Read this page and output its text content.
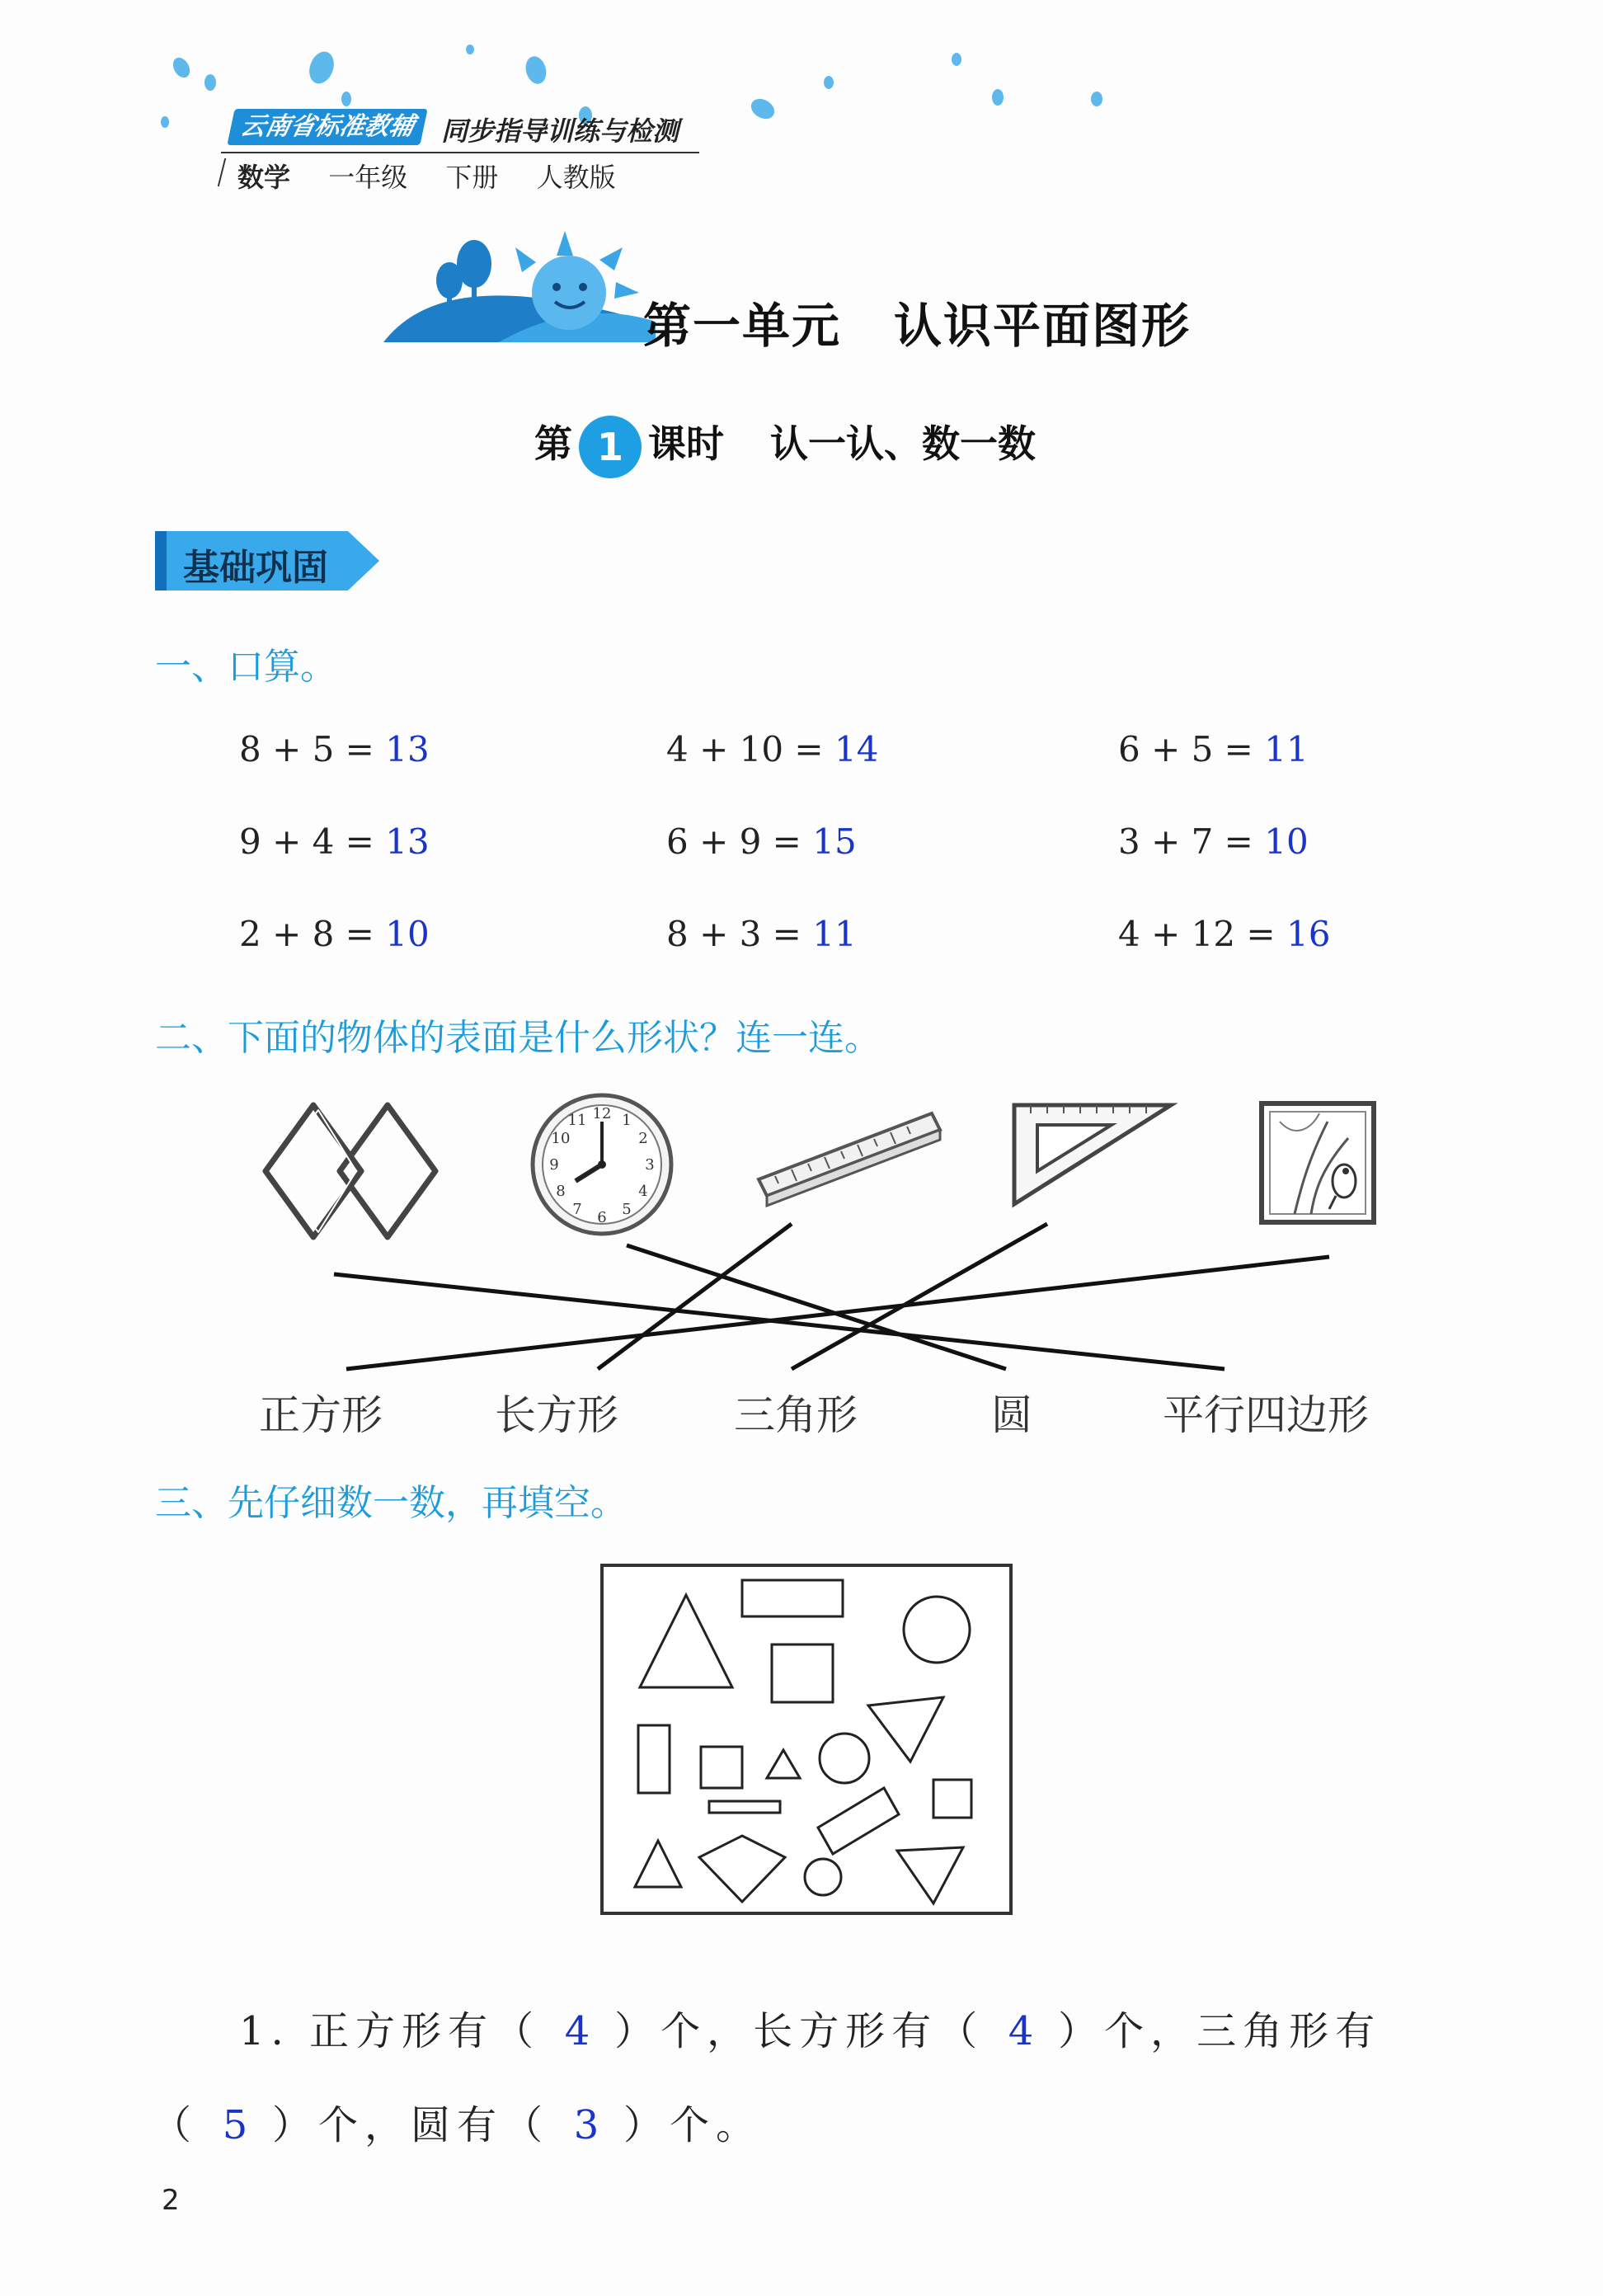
云南省标准教辅 同步指导训练与检测
数学 一年级 下册 人教版
第一单元 认识平面图形
第 1 课时 认一认、数一数
基础巩固
一、口算。
8 + 5 = 13	4 + 10 = 14	6 + 5 = 11
9 + 4 = 13	6 + 9 = 15	3 + 7 = 10
2 + 8 = 10	8 + 3 = 11	4 + 12 = 16
二、下面的物体的表面是什么形状？连一连。
12 1
2
3
4
5
6
7
8
9
10
11
正方形	长方形	三角形	圆	平行四边形
三、先仔细数一数，再填空。
1. 正方形有（ 4 ）个，长方形有（ 4 ）个，三角形有
（ 5 ）个，圆有（ 3 ）个。
2
